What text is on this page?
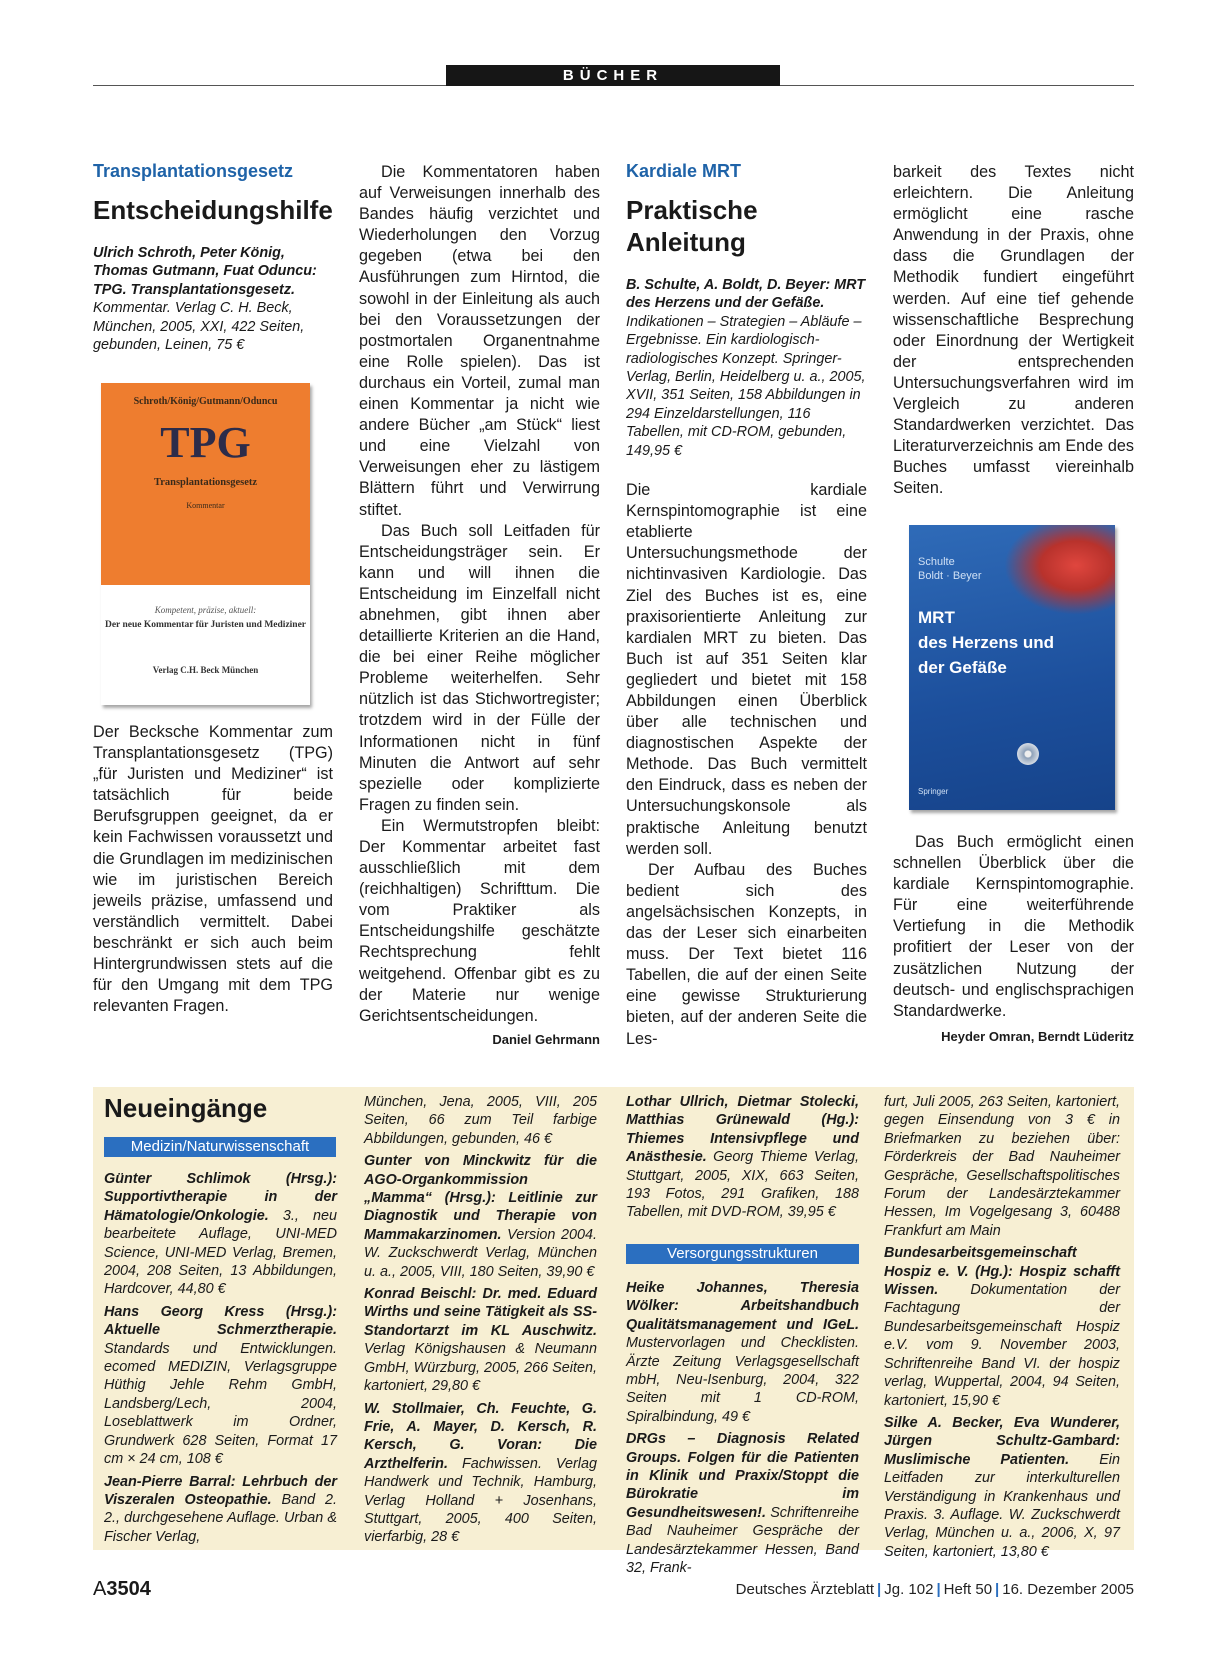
BÜCHER
Transplantationsgesetz
Entscheidungshilfe
Ulrich Schroth, Peter König, Thomas Gutmann, Fuat Oduncu: TPG. Transplantationsgesetz. Kommentar. Verlag C. H. Beck, München, 2005, XXI, 422 Seiten, gebunden, Leinen, 75 €
Schroth/König/Gutmann/Oduncu
TPG
Transplantationsgesetz
Kommentar
Kompetent, präzise, aktuell:
Der neue Kommentar für Juristen und Mediziner
Verlag C.H. Beck München

Der Becksche Kommentar zum Transplantationsgesetz (TPG) „für Juristen und Mediziner“ ist tatsächlich für beide Berufsgruppen geeignet, da er kein Fachwissen voraussetzt und die Grundlagen im medizinischen wie im juristischen Bereich jeweils präzise, umfassend und verständlich vermittelt. Dabei beschränkt er sich auch beim Hintergrundwissen stets auf die für den Umgang mit dem TPG relevanten Fragen.

Die Kommentatoren haben auf Verweisungen innerhalb des Bandes häufig verzichtet und Wiederholungen den Vorzug gegeben (etwa bei den Ausführungen zum Hirntod, die sowohl in der Einleitung als auch bei den Voraussetzungen der postmortalen Organentnahme eine Rolle spielen). Das ist durchaus ein Vorteil, zumal man einen Kommentar ja nicht wie andere Bücher „am Stück“ liest und eine Vielzahl von Verweisungen eher zu lästigem Blättern führt und Verwirrung stiftet.

Das Buch soll Leitfaden für Entscheidungsträger sein. Er kann und will ihnen die Entscheidung im Einzelfall nicht abnehmen, gibt ihnen aber detaillierte Kriterien an die Hand, die bei einer Reihe möglicher Probleme weiterhelfen. Sehr nützlich ist das Stichwortregister; trotzdem wird in der Fülle der Informationen nicht in fünf Minuten die Antwort auf sehr spezielle oder komplizierte Fragen zu finden sein.

Ein Wermutstropfen bleibt: Der Kommentar arbeitet fast ausschließlich mit dem (reichhaltigen) Schrifttum. Die vom Praktiker als Entscheidungshilfe geschätzte Rechtsprechung fehlt weitgehend. Offenbar gibt es zu der Materie nur wenige Gerichtsentscheidungen.
Daniel Gehrmann

Kardiale MRT
Praktische Anleitung
B. Schulte, A. Boldt, D. Beyer: MRT des Herzens und der Gefäße. Indikationen – Strategien – Abläufe – Ergebnisse. Ein kardiologisch-radiologisches Konzept. Springer-Verlag, Berlin, Heidelberg u. a., 2005, XVII, 351 Seiten, 158 Abbildungen in 294 Einzeldarstellungen, 116 Tabellen, mit CD-ROM, gebunden, 149,95 €

Die kardiale Kernspintomographie ist eine etablierte Untersuchungsmethode der nichtinvasiven Kardiologie. Das Ziel des Buches ist es, eine praxisorientierte Anleitung zur kardialen MRT zu bieten. Das Buch ist auf 351 Seiten klar gegliedert und bietet mit 158 Abbildungen einen Überblick über alle technischen und diagnostischen Aspekte der Methode. Das Buch vermittelt den Eindruck, dass es neben der Untersuchungskonsole als praktische Anleitung benutzt werden soll.

Der Aufbau des Buches bedient sich des angelsächsischen Konzepts, in das der Leser sich einarbeiten muss. Der Text bietet 116 Tabellen, die auf der einen Seite eine gewisse Strukturierung bieten, auf der anderen Seite die Les-

barkeit des Textes nicht erleichtern. Die Anleitung ermöglicht eine rasche Anwendung in der Praxis, ohne dass die Grundlagen der Methodik fundiert eingeführt werden. Auf eine tief gehende wissenschaftliche Besprechung oder Einordnung der Wertigkeit der entsprechenden Untersuchungsverfahren wird im Vergleich zu anderen Standardwerken verzichtet. Das Literaturverzeichnis am Ende des Buches umfasst viereinhalb Seiten.

Schulte
Boldt · Beyer
MRT
des Herzens und
der Gefäße
Springer

Das Buch ermöglicht einen schnellen Überblick über die kardiale Kernspintomographie. Für eine weiterführende Vertiefung in die Methodik profitiert der Leser von der zusätzlichen Nutzung der deutsch- und englischsprachigen Standardwerke.

Heyder Omran, Berndt Lüderitz
Neueingänge
Medizin/Naturwissenschaft
Versorgungsstrukturen
Günter Schlimok (Hrsg.): Supportivtherapie in der Hämatologie/Onkologie. 3., neu bearbeitete Auflage, UNI-MED Science, UNI-MED Verlag, Bremen, 2004, 208 Seiten, 13 Abbildungen, Hardcover, 44,80 €
Hans Georg Kress (Hrsg.): Aktuelle Schmerztherapie. Standards und Entwicklungen. ecomed MEDIZIN, Verlagsgruppe Hüthig Jehle Rehm GmbH, Landsberg/Lech, 2004, Loseblattwerk im Ordner, Grundwerk 628 Seiten, Format 17 cm × 24 cm, 108 €
Jean-Pierre Barral: Lehrbuch der Viszeralen Osteopathie. Band 2. 2., durchgesehene Auflage. Urban & Fischer Verlag,
München, Jena, 2005, VIII, 205 Seiten, 66 zum Teil farbige Abbildungen, gebunden, 46 €
Gunter von Minckwitz für die AGO-Organkommission „Mamma“ (Hrsg.): Leitlinie zur Diagnostik und Therapie von Mammakarzinomen. Version 2004. W. Zuckschwerdt Verlag, München u. a., 2005, VIII, 180 Seiten, 39,90 €
Konrad Beischl: Dr. med. Eduard Wirths und seine Tätigkeit als SS-Standortarzt im KL Auschwitz. Verlag Königshausen & Neumann GmbH, Würzburg, 2005, 266 Seiten, kartoniert, 29,80 €
W. Stollmaier, Ch. Feuchte, G. Frie, A. Mayer, D. Kersch, R. Kersch, G. Voran: Die Arzthelferin. Fachwissen. Verlag Handwerk und Technik, Hamburg, Verlag Holland + Josenhans, Stuttgart, 2005, 400 Seiten, vierfarbig, 28 €
Lothar Ullrich, Dietmar Stolecki, Matthias Grünewald (Hg.): Thiemes Intensivpflege und Anästhesie. Georg Thieme Verlag, Stuttgart, 2005, XIX, 663 Seiten, 193 Fotos, 291 Grafiken, 188 Tabellen, mit DVD-ROM, 39,95 €
Heike Johannes, Theresia Wölker: Arbeitshandbuch Qualitätsmanagement und IGeL. Mustervorlagen und Checklisten. Ärzte Zeitung Verlagsgesellschaft mbH, Neu-Isenburg, 2004, 322 Seiten mit 1 CD-ROM, Spiralbindung, 49 €
DRGs – Diagnosis Related Groups. Folgen für die Patienten in Klinik und Praxix/Stoppt die Bürokratie im Gesundheitswesen!. Schriftenreihe Bad Nauheimer Gespräche der Landesärztekammer Hessen, Band 32, Frank-
furt, Juli 2005, 263 Seiten, kartoniert, gegen Einsendung von 3 € in Briefmarken zu beziehen über: Förderkreis der Bad Nauheimer Gespräche, Gesellschaftspolitisches Forum der Landesärztekammer Hessen, Im Vogelgesang 3, 60488 Frankfurt am Main
Bundesarbeitsgemeinschaft Hospiz e. V. (Hg.): Hospiz schafft Wissen. Dokumentation der Fachtagung der Bundesarbeitsgemeinschaft Hospiz e.V. vom 9. November 2003, Schriftenreihe Band VI. der hospiz verlag, Wuppertal, 2004, 94 Seiten, kartoniert, 15,90 €
Silke A. Becker, Eva Wunderer, Jürgen Schultz-Gambard: Muslimische Patienten. Ein Leitfaden zur interkulturellen Verständigung in Krankenhaus und Praxis. 3. Auflage. W. Zuckschwerdt Verlag, München u. a., 2006, X, 97 Seiten, kartoniert, 13,80 €
A3504	Deutsches Ärzteblatt | Jg. 102 | Heft 50 | 16. Dezember 2005
